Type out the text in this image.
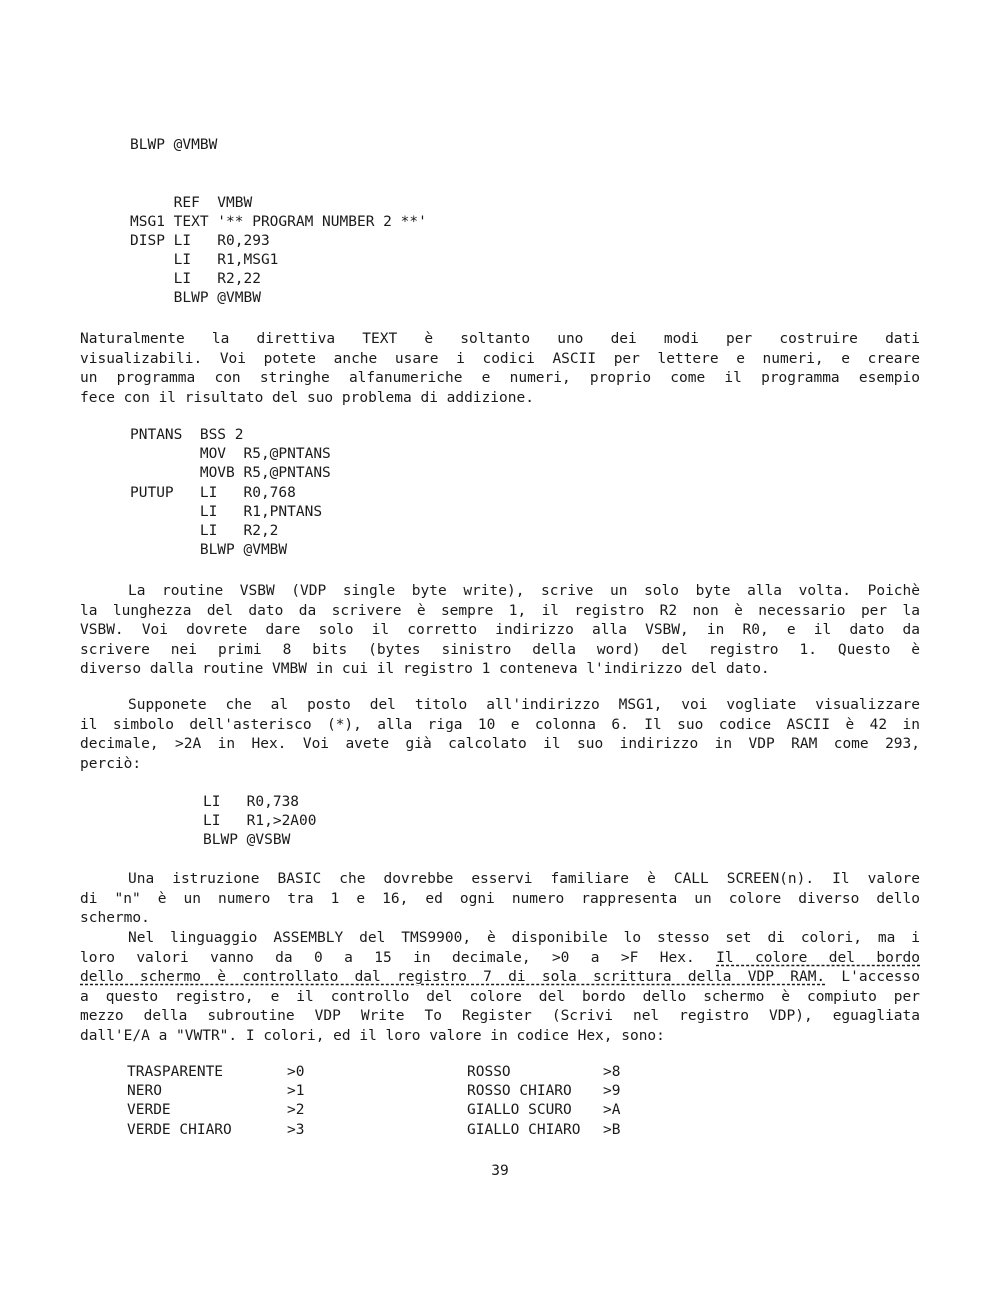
BLWP @VMBW
REF  VMBW
MSG1 TEXT '** PROGRAM NUMBER 2 **'
DISP LI   R0,293
LI   R1,MSG1
LI   R2,22
BLWP @VMBW
Naturalmente la direttiva TEXT è soltanto uno dei modi per costruire dati
visualizabili. Voi potete anche usare i codici ASCII per lettere e numeri, e creare
un programma con stringhe alfanumeriche e numeri, proprio come il programma esempio
fece con il risultato del suo problema di addizione.
PNTANS  BSS 2
MOV  R5,@PNTANS
MOVB R5,@PNTANS
PUTUP   LI   R0,768
LI   R1,PNTANS
LI   R2,2
BLWP @VMBW
La routine VSBW (VDP single byte write), scrive un solo byte alla volta. Poichè
la lunghezza del dato da scrivere è sempre 1, il registro R2 non è necessario per la
VSBW. Voi dovrete dare solo il corretto indirizzo alla VSBW, in R0, e il dato da
scrivere nei primi 8 bits (bytes sinistro della word) del registro 1. Questo è
diverso dalla routine VMBW in cui il registro 1 conteneva l'indirizzo del dato.
Supponete che al posto del titolo all'indirizzo MSG1, voi vogliate visualizzare
il simbolo dell'asterisco (*), alla riga 10 e colonna 6. Il suo codice ASCII è 42 in
decimale, >2A in Hex. Voi avete già calcolato il suo indirizzo in VDP RAM come 293,
perciò:
LI   R0,738
LI   R1,>2A00
BLWP @VSBW
Una istruzione BASIC che dovrebbe esservi familiare è CALL SCREEN(n). Il valore
di "n" è un numero tra 1 e 16, ed ogni numero rappresenta un colore diverso dello
schermo.
Nel linguaggio ASSEMBLY del TMS9900, è disponibile lo stesso set di colori, ma i
loro valori vanno da 0 a 15 in decimale, >0 a >F Hex. Il colore del bordo
dello schermo è controllato dal registro 7 di sola scrittura della VDP RAM. L'accesso
a questo registro, e il controllo del colore del bordo dello schermo è compiuto per
mezzo della subroutine VDP Write To Register (Scrivi nel registro VDP), eguagliata
dall'E/A a "VWTR". I colori, ed il loro valore in codice Hex, sono:
TRASPARENTE	>0	ROSSO	>8
NERO	>1	ROSSO CHIARO >9
VERDE	>2	GIALLO SCURO >A
VERDE CHIARO	>3	GIALLO CHIARO >B
39
